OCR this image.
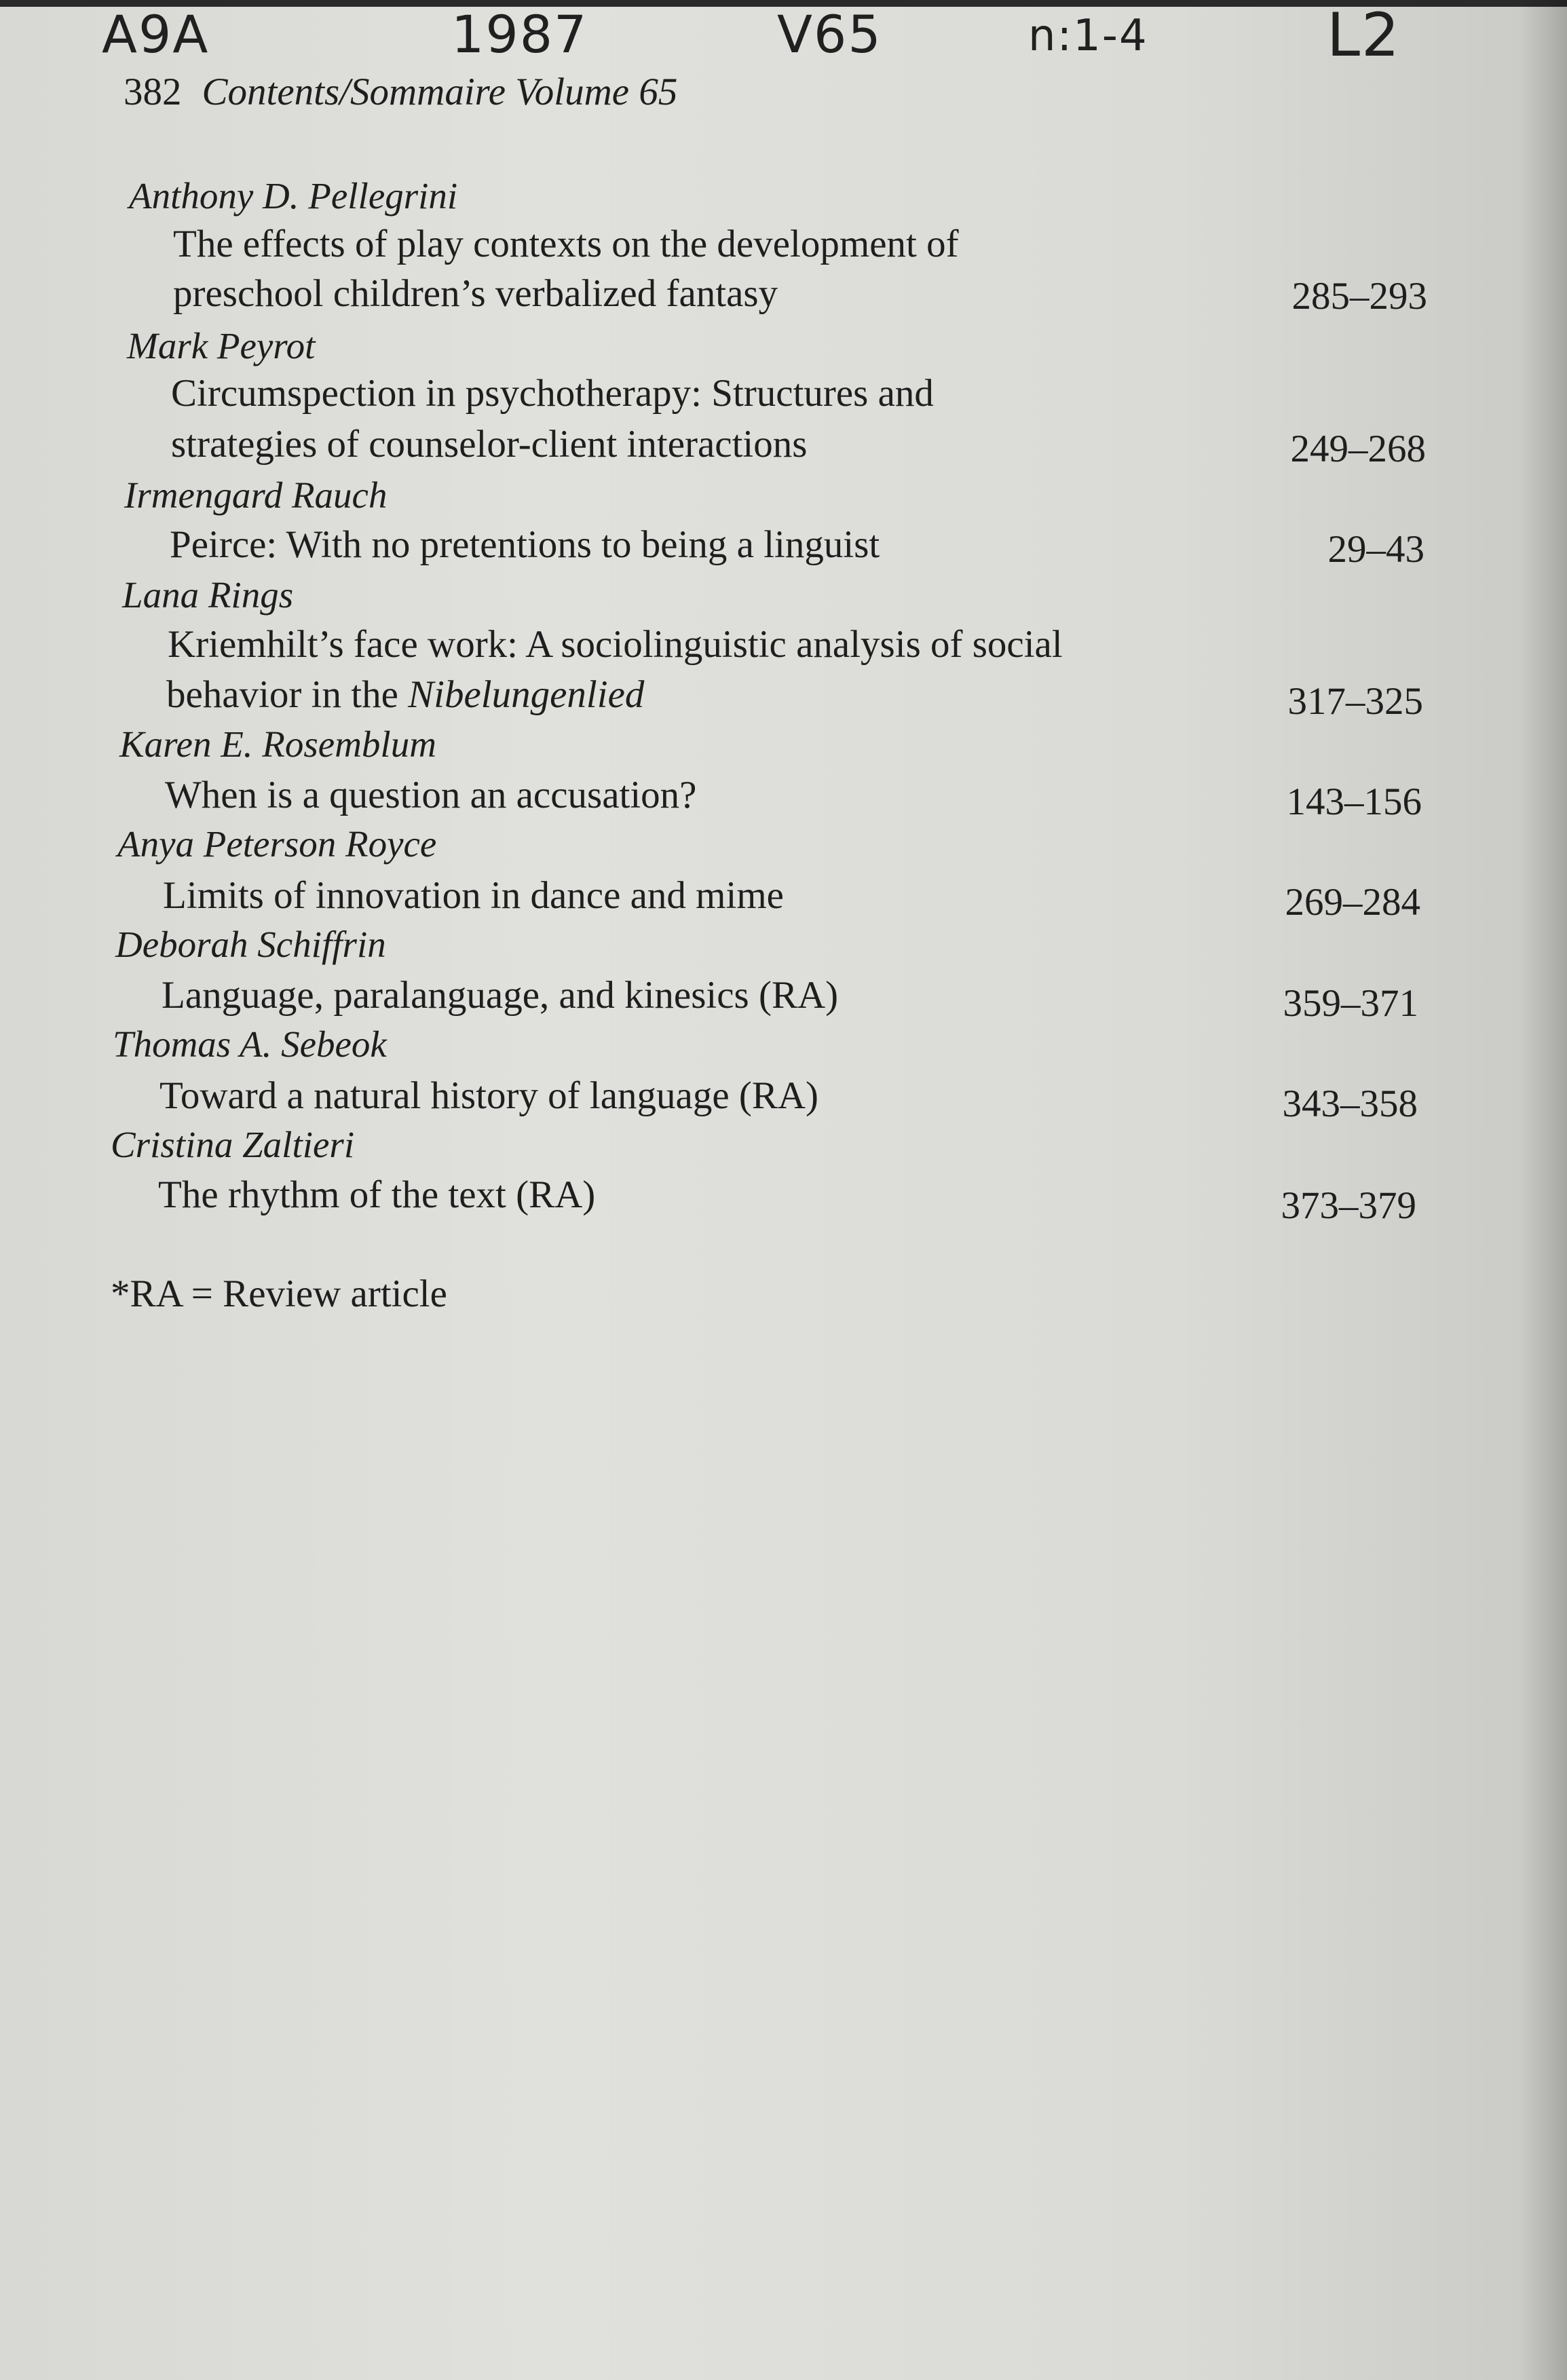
A9A	1987	V65	n:1-4	L2
382 Contents/Sommaire Volume 65
Anthony D. Pellegrini
The effects of play contexts on the development of
preschool children’s verbalized fantasy	285–293
Mark Peyrot
Circumspection in psychotherapy: Structures and
strategies of counselor-client interactions	249–268
Irmengard Rauch
Peirce: With no pretentions to being a linguist	29–43
Lana Rings
Kriemhilt’s face work: A sociolinguistic analysis of social
behavior in the Nibelungenlied	317–325
Karen E. Rosemblum
When is a question an accusation?	143–156
Anya Peterson Royce
Limits of innovation in dance and mime	269–284
Deborah Schiffrin
Language, paralanguage, and kinesics (RA)	359–371
Thomas A. Sebeok
Toward a natural history of language (RA)	343–358
Cristina Zaltieri
The rhythm of the text (RA)	373–379
*RA = Review article
